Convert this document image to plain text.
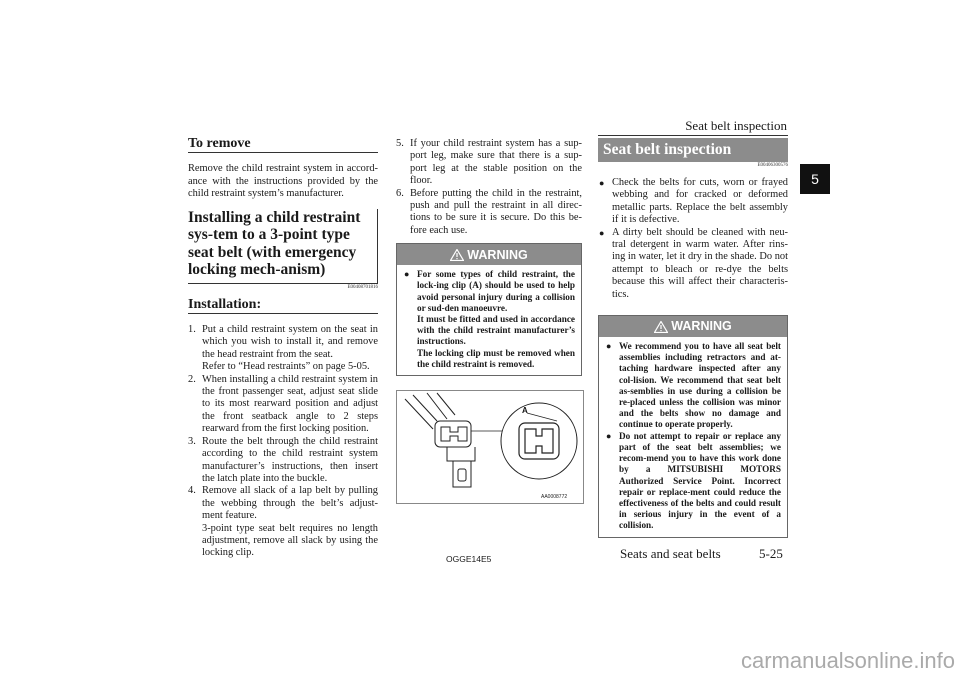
Seat belt inspection
5
To remove

Remove the child restraint system in accord-ance with the instructions provided by the child restraint system’s manufacturer.

Installing a child restraint sys-tem to a 3-point type seat belt (with emergency locking mech-anism)
E00408701816
Installation:
1. Put a child restraint system on the seat in which you wish to install it, and remove the head restraint from the seat.
Refer to “Head restraints” on page 5-05.
2. When installing a child restraint system in the front passenger seat, adjust seat slide to its most rearward position and adjust the front seatback angle to 2 steps rearward from the first locking position.
3. Route the belt through the child restraint according to the child restraint system manufacturer’s instructions, then insert the latch plate into the buckle.
4. Remove all slack of a lap belt by pulling the webbing through the belt’s adjust-ment feature.
3-point type seat belt requires no length adjustment, remove all slack by using the locking clip.
5. If your child restraint system has a sup-port leg, make sure that there is a sup-port leg at the stable position on the floor.
6. Before putting the child in the restraint, push and pull the restraint in all direc-tions to be sure it is secure. Do this be-fore each use.
WARNING
● For some types of child restraint, the lock-ing clip (A) should be used to help avoid personal injury during a collision or sud-den manoeuvre.
It must be fitted and used in accordance with the child restraint manufacturer’s instructions.
The locking clip must be removed when the child restraint is removed.
A
AA0008772
Seat belt inspection
E00406300576
● Check the belts for cuts, worn or frayed webbing and for cracked or deformed metallic parts. Replace the belt assembly if it is defective.
● A dirty belt should be cleaned with neu-tral detergent in warm water. After rins-ing in water, let it dry in the shade. Do not attempt to bleach or re-dye the belts because this will affect their characteris-tics.
WARNING
● We recommend you to have all seat belt assemblies including retractors and at-taching hardware inspected after any col-lision. We recommend that seat belt as-semblies in use during a collision be re-placed unless the collision was minor and the belts show no damage and continue to operate properly.
● Do not attempt to repair or replace any part of the seat belt assemblies; we recom-mend you to have this work done by a MITSUBISHI MOTORS Authorized Service Point. Incorrect repair or replace-ment could reduce the effectiveness of the belts and could result in serious injury in the event of a collision.
OGGE14E5	Seats and seat belts	5-25
carmanualsonline.info
